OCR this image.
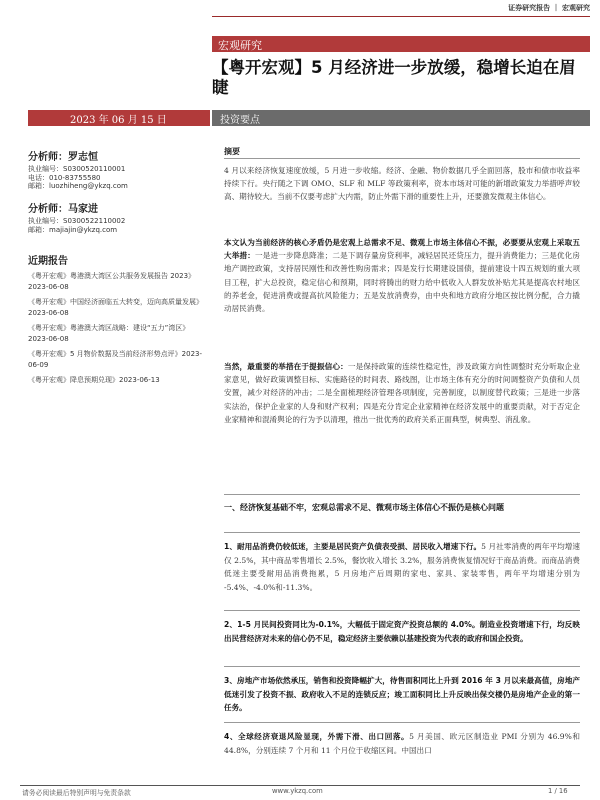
证券研究报告 ｜ 宏观研究
宏观研究
【粤开宏观】5 月经济进一步放缓，稳增长迫在眉睫
2023 年 06 月 15 日	投资要点
分析师：罗志恒
执业编号：S0300520110001
电话：010-83755580
邮箱：luozhiheng@ykzq.com
分析师：马家进
执业编号：S0300522110002
邮箱：majiajin@ykzq.com
近期报告
《粤开宏观》粤港澳大湾区公共服务发展报告 2023》2023-06-08
《粤开宏观》中国经济面临五大转变，迈向高质量发展》2023-06-08
《粤开宏观》粤港澳大湾区战略：建设“五力”湾区》2023-06-08
《粤开宏观》5 月物价数据及当前经济形势点评》2023-06-09
《粤开宏观》降息预期兑现》2023-06-13
摘要
4 月以来经济恢复速度放缓，5 月进一步收缩。经济、金融、物价数据几乎全面回落，股市和债市收益率持续下行。央行随之下调 OMO、SLF 和 MLF 等政策利率，资本市场对可能的新增政策发力举措呼声较高、期待较大。当前不仅要考虑扩大内需，防止外需下滑的重要性上升，还要激发微观主体信心。
本文认为当前经济的核心矛盾仍是宏观上总需求不足、微观上市场主体信心不振，必要要从宏观上采取五大举措：一是进一步降息降准；二是下调存量房贷利率，减轻居民还贷压力，提升消费能力；三是优化房地产调控政策，支持居民刚性和改善性购房需求；四是发行长期建设国债，提前建设十四五规划的重大项目工程，扩大总投资，稳定信心和预期，同时将腾出的财力给中低收入人群发放补贴尤其是提高农村地区的养老金，促进消费或提高抗风险能力；五是发放消费券，由中央和地方政府分地区按比例分配，合力撬动居民消费。
当然，最重要的举措在于提振信心：一是保持政策的连续性稳定性，涉及政策方向性调整时充分听取企业家意见，做好政策调整目标、实施路径的时间表、路线图，让市场主体有充分的时间调整资产负债和人员安置，减少对经济的冲击；二是全面梳理经济管理各项制度，完善制度，以制度替代政策；三是进一步落实法治，保护企业家的人身和财产权利；四是充分肯定企业家精神在经济发展中的重要贡献，对于否定企业家精神和混淆舆论的行为予以清理，推出一批优秀的政府关系正面典型，树典型、消乱象。
一、经济恢复基础不牢，宏观总需求不足、微观市场主体信心不振仍是核心问题
1、耐用品消费仍较低迷，主要是居民资产负债表受损、居民收入增速下行。5 月社零消费的两年平均增速仅 2.5%，其中商品零售增长 2.5%，餐饮收入增长 3.2%，服务消费恢复情况好于商品消费。而商品消费低迷主要受耐用品消费拖累，5 月房地产后周期的家电、家具、家装零售，两年平均增速分别为 -5.4%、-4.0%和-11.3%。
2、1-5 月民间投资同比为-0.1%，大幅低于固定资产投资总额的 4.0%。制造业投资增速下行，均反映出民营经济对未来的信心仍不足，稳定经济主要依赖以基建投资为代表的政府和国企投资。
3、房地产市场依然承压，销售和投资降幅扩大，待售面积同比上升到 2016 年 3 月以来最高值，房地产低迷引发了投资不振、政府收入不足的连锁反应；竣工面积同比上升反映出保交楼仍是房地产企业的第一任务。
4、全球经济衰退风险显现，外需下滑、出口回落。5 月美国、欧元区制造业 PMI 分别为 46.9%和 44.8%，分别连续 7 个月和 11 个月位于收缩区间。中国出口
请务必阅读最后特别声明与免责条款	www.ykzq.com	1 / 16
